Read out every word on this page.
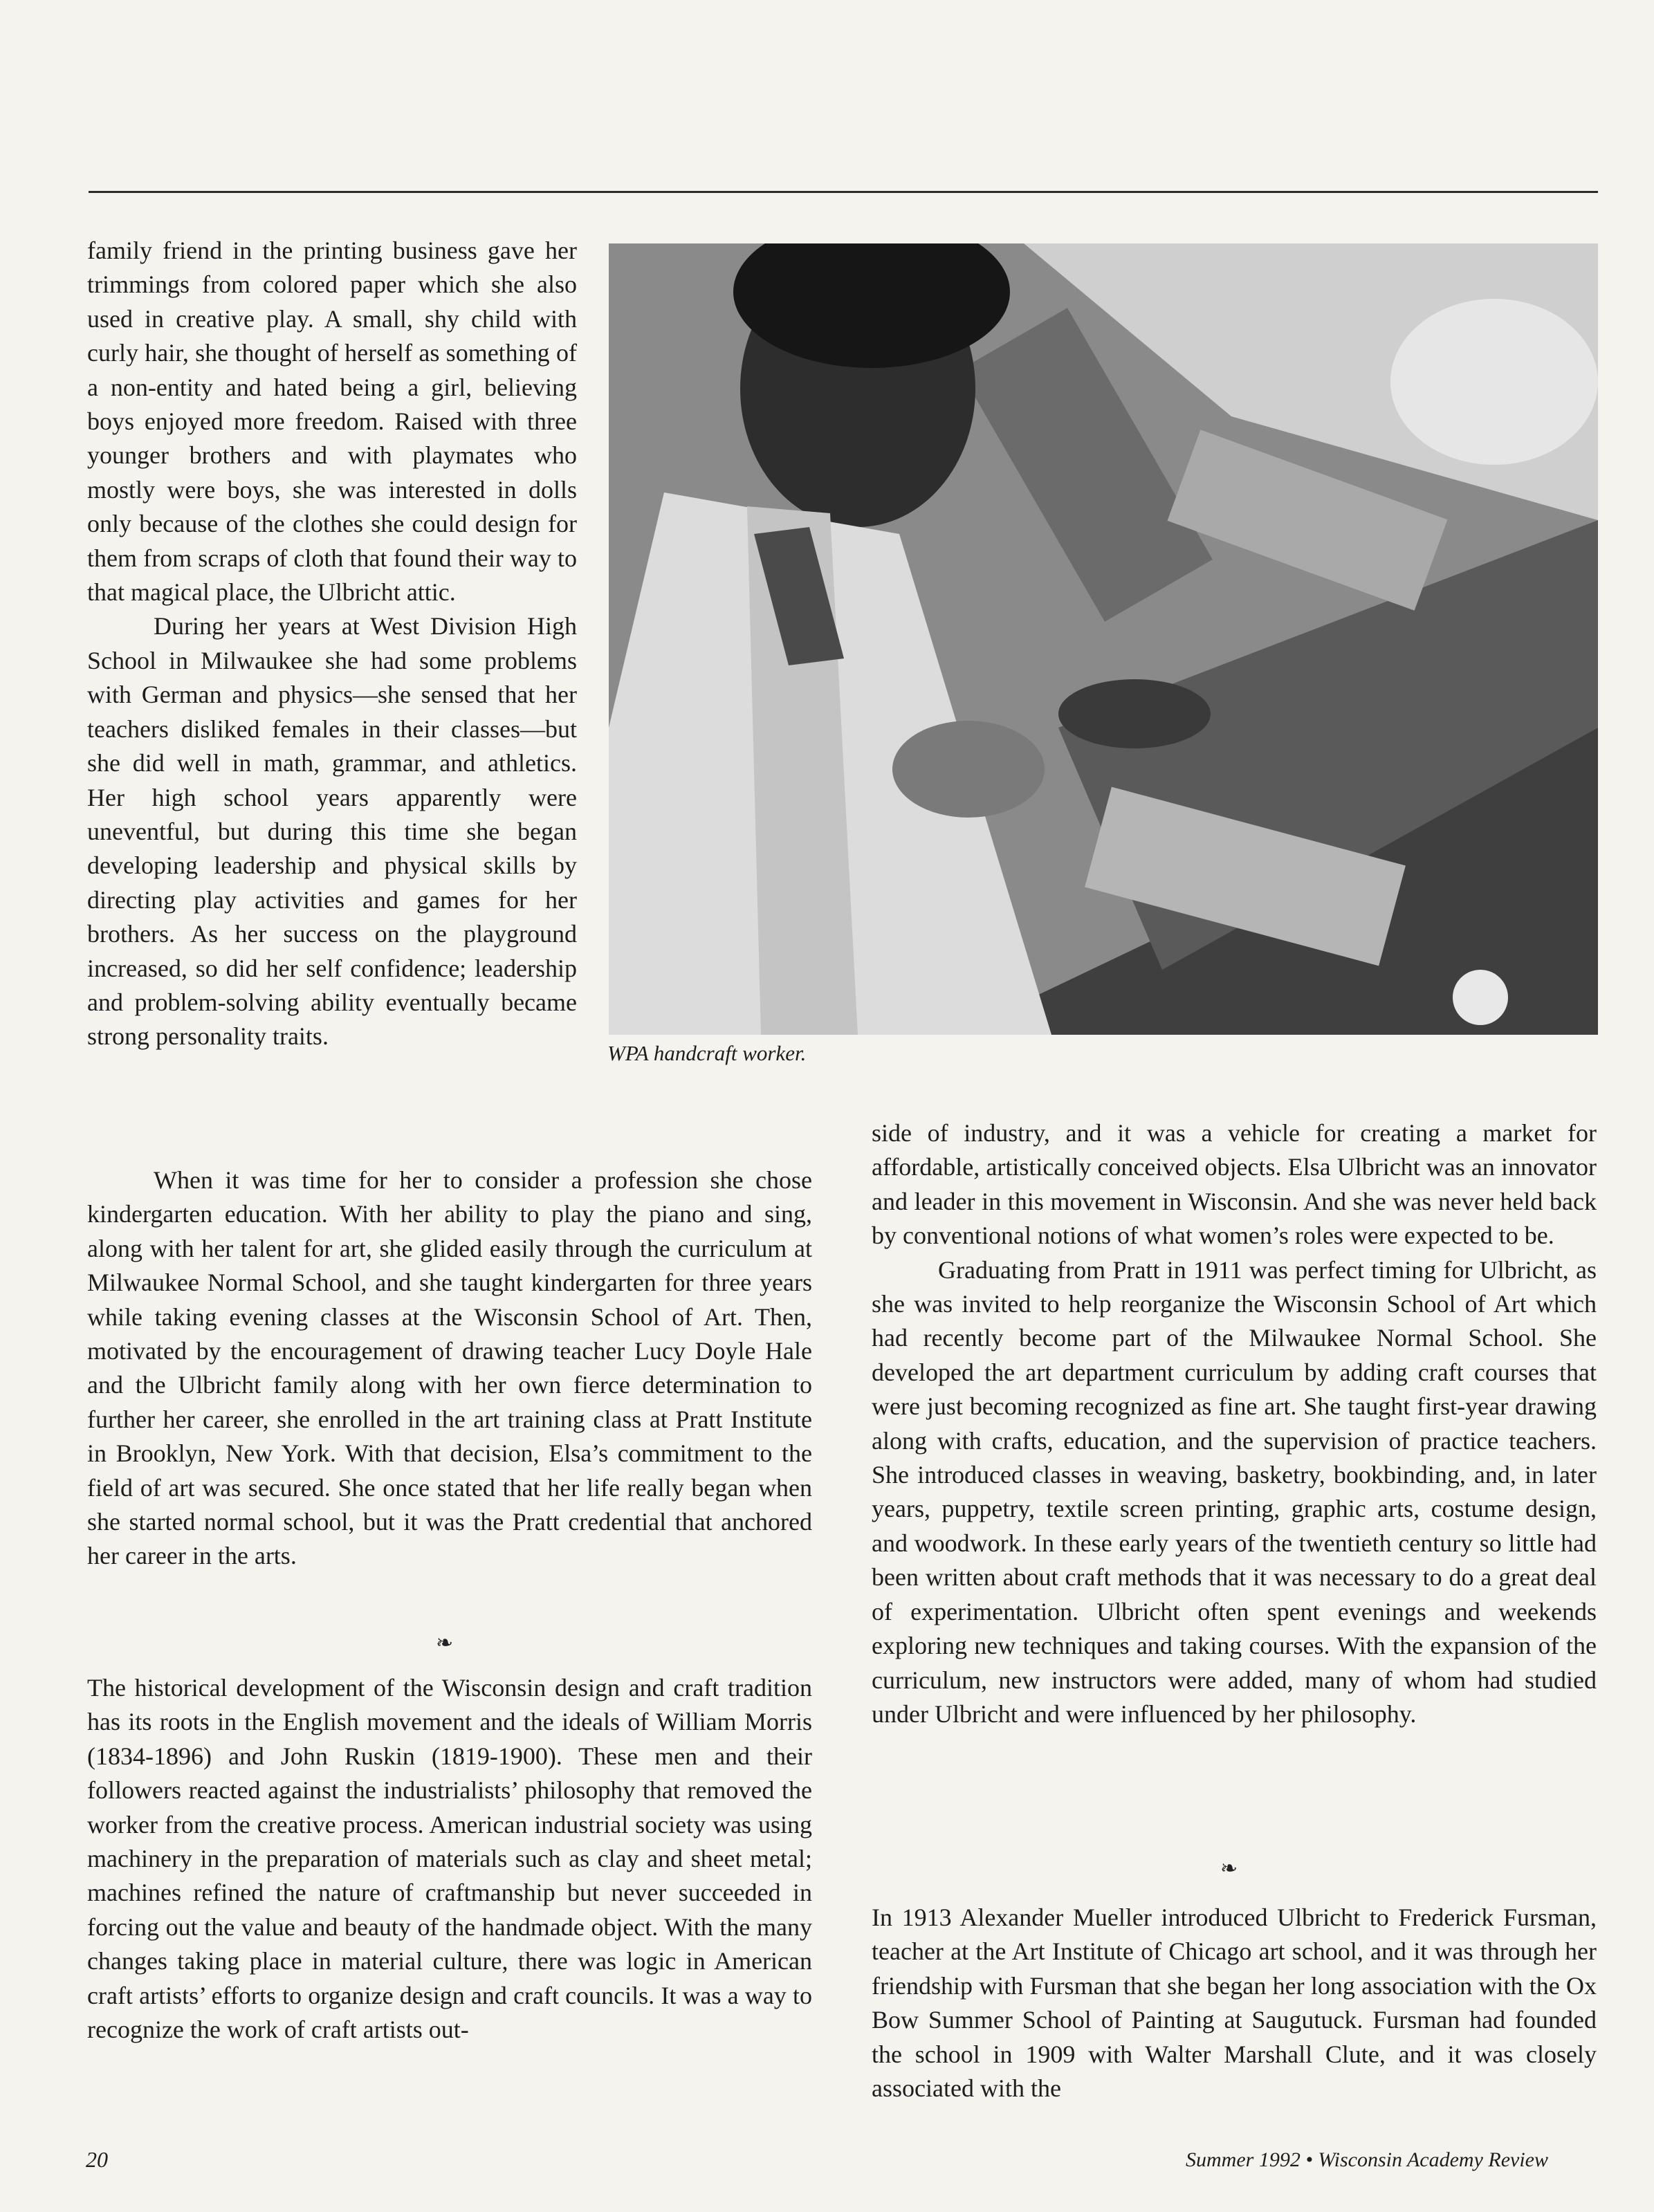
family friend in the printing business gave her trimmings from colored paper which she also used in creative play. A small, shy child with curly hair, she thought of herself as something of a non-entity and hated being a girl, believing boys enjoyed more freedom. Raised with three younger brothers and with playmates who mostly were boys, she was interested in dolls only because of the clothes she could design for them from scraps of cloth that found their way to that magical place, the Ulbricht attic.

During her years at West Division High School in Milwaukee she had some problems with German and physics—she sensed that her teachers disliked females in their classes—but she did well in math, grammar, and athletics. Her high school years apparently were uneventful, but during this time she began developing leadership and physical skills by directing play activities and games for her brothers. As her success on the playground increased, so did her self confidence; leadership and problem-solving ability eventually became strong personality traits.

WPA handcraft worker.

When it was time for her to consider a profession she chose kindergarten education. With her ability to play the piano and sing, along with her talent for art, she glided easily through the curriculum at Milwaukee Normal School, and she taught kindergarten for three years while taking evening classes at the Wisconsin School of Art. Then, motivated by the encouragement of drawing teacher Lucy Doyle Hale and the Ulbricht family along with her own fierce determination to further her career, she enrolled in the art training class at Pratt Institute in Brooklyn, New York. With that decision, Elsa’s commitment to the field of art was secured. She once stated that her life really began when she started normal school, but it was the Pratt credential that anchored her career in the arts.

❧

The historical development of the Wisconsin design and craft tradition has its roots in the English movement and the ideals of William Morris (1834-1896) and John Ruskin (1819-1900). These men and their followers reacted against the industrialists’ philosophy that removed the worker from the creative process. American industrial society was using machinery in the preparation of materials such as clay and sheet metal; machines refined the nature of craftmanship but never succeeded in forcing out the value and beauty of the handmade object. With the many changes taking place in material culture, there was logic in American craft artists’ efforts to organize design and craft councils. It was a way to recognize the work of craft artists out-

side of industry, and it was a vehicle for creating a market for affordable, artistically conceived objects. Elsa Ulbricht was an innovator and leader in this movement in Wisconsin. And she was never held back by conventional notions of what women’s roles were expected to be.

Graduating from Pratt in 1911 was perfect timing for Ulbricht, as she was invited to help reorganize the Wisconsin School of Art which had recently become part of the Milwaukee Normal School. She developed the art department curriculum by adding craft courses that were just becoming recognized as fine art. She taught first-year drawing along with crafts, education, and the supervision of practice teachers. She introduced classes in weaving, basketry, bookbinding, and, in later years, puppetry, textile screen printing, graphic arts, costume design, and woodwork. In these early years of the twentieth century so little had been written about craft methods that it was necessary to do a great deal of experimentation. Ulbricht often spent evenings and weekends exploring new techniques and taking courses. With the expansion of the curriculum, new instructors were added, many of whom had studied under Ulbricht and were influenced by her philosophy.

❧

In 1913 Alexander Mueller introduced Ulbricht to Frederick Fursman, teacher at the Art Institute of Chicago art school, and it was through her friendship with Fursman that she began her long association with the Ox Bow Summer School of Painting at Saugutuck. Fursman had founded the school in 1909 with Walter Marshall Clute, and it was closely associated with the

20	Summer 1992 • Wisconsin Academy Review
